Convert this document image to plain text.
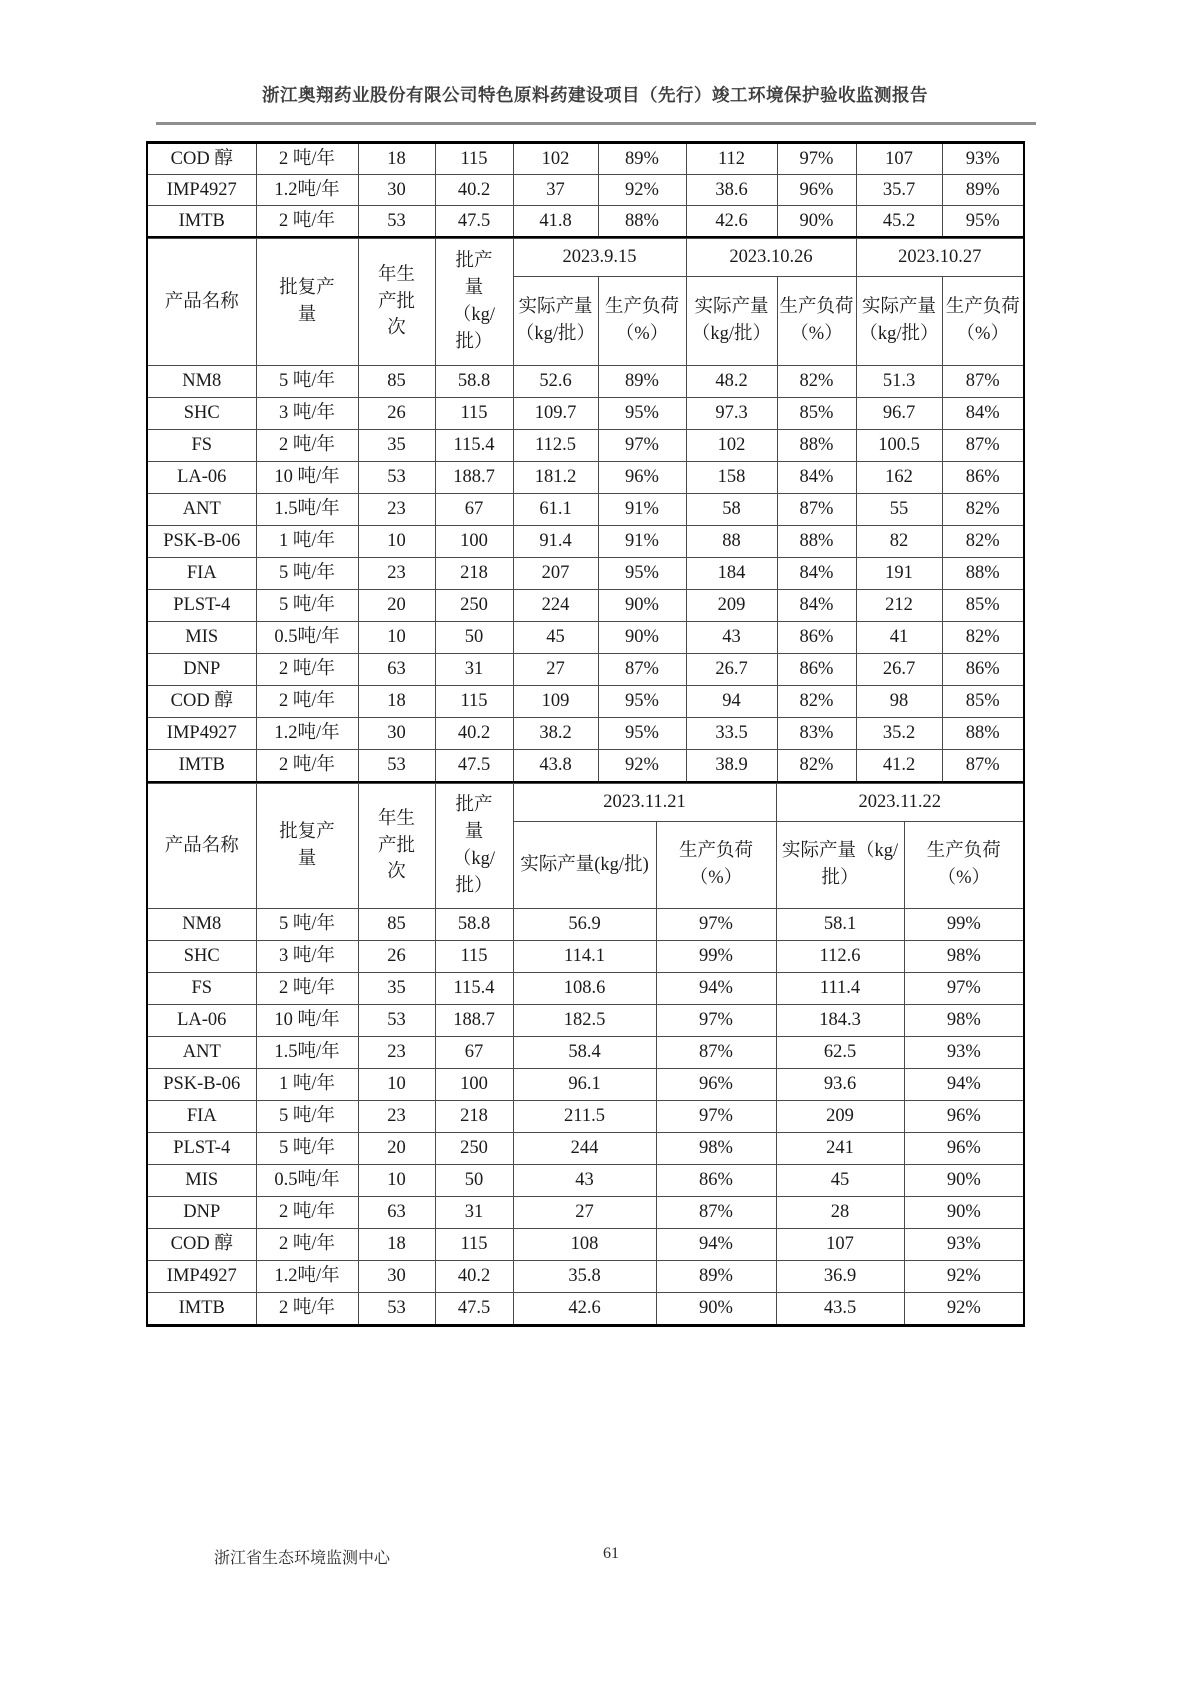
浙江奥翔药业股份有限公司特色原料药建设项目（先行）竣工环境保护验收监测报告
COD 醇	2 吨/年	18	115	102	89%	112	97%	107	93%
IMP4927	1.2吨/年	30	40.2	37	92%	38.6	96%	35.7	89%
IMTB	2 吨/年	53	47.5	41.8	88%	42.6	90%	45.2	95%
产品名称	批复产量	年生产批次	批产量（kg/批）	2023.9.15		2023.10.26		2023.10.27	
				实际产量（kg/批）	生产负荷（%）	实际产量（kg/批）	生产负荷（%）	实际产量（kg/批）	生产负荷（%）
NM8	5 吨/年	85	58.8	52.6	89%	48.2	82%	51.3	87%
SHC	3 吨/年	26	115	109.7	95%	97.3	85%	96.7	84%
FS	2 吨/年	35	115.4	112.5	97%	102	88%	100.5	87%
LA-06	10 吨/年	53	188.7	181.2	96%	158	84%	162	86%
ANT	1.5吨/年	23	67	61.1	91%	58	87%	55	82%
PSK-B-06	1 吨/年	10	100	91.4	91%	88	88%	82	82%
FIA	5 吨/年	23	218	207	95%	184	84%	191	88%
PLST-4	5 吨/年	20	250	224	90%	209	84%	212	85%
MIS	0.5吨/年	10	50	45	90%	43	86%	41	82%
DNP	2 吨/年	63	31	27	87%	26.7	86%	26.7	86%
COD 醇	2 吨/年	18	115	109	95%	94	82%	98	85%
IMP4927	1.2吨/年	30	40.2	38.2	95%	33.5	83%	35.2	88%
IMTB	2 吨/年	53	47.5	43.8	92%	38.9	82%	41.2	87%
产品名称	批复产量	年生产批次	批产量（kg/批）	2023.11.21		2023.11.22	
				实际产量(kg/批)	生产负荷（%）	实际产量（kg/批）	生产负荷（%）
NM8	5 吨/年	85	58.8	56.9	97%	58.1	99%
SHC	3 吨/年	26	115	114.1	99%	112.6	98%
FS	2 吨/年	35	115.4	108.6	94%	111.4	97%
LA-06	10 吨/年	53	188.7	182.5	97%	184.3	98%
ANT	1.5吨/年	23	67	58.4	87%	62.5	93%
PSK-B-06	1 吨/年	10	100	96.1	96%	93.6	94%
FIA	5 吨/年	23	218	211.5	97%	209	96%
PLST-4	5 吨/年	20	250	244	98%	241	96%
MIS	0.5吨/年	10	50	43	86%	45	90%
DNP	2 吨/年	63	31	27	87%	28	90%
COD 醇	2 吨/年	18	115	108	94%	107	93%
IMP4927	1.2吨/年	30	40.2	35.8	89%	36.9	92%
IMTB	2 吨/年	53	47.5	42.6	90%	43.5	92%
浙江省生态环境监测中心	61
